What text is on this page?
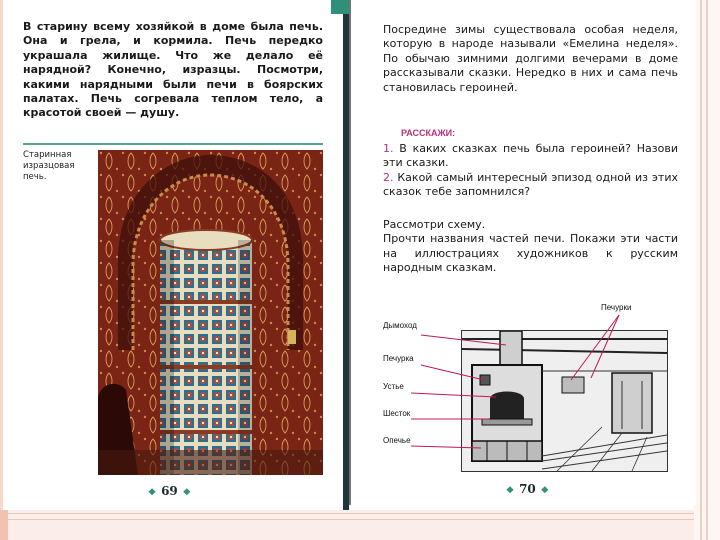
В старину всему хозяйкой в доме была печь. Она и грела, и кормила. Печь передко украшала жилище. Что же делало её нарядной? Конечно, изразцы. Посмотри, какими нарядными были печи в боярских палатах. Печь согревала теплом тело, а красотой своей — душу.

Старинная изразцовая печь.
❖ 69 ❖

Посредине зимы существовала особая неделя, которую в народе называли «Емелина неделя». По обычаю зимними долгими вечерами в доме рассказывали сказки. Нередко в них и сама печь становилась героиней.

РАССКАЖИ:

1. В каких сказках печь была героиней? Назови эти сказки.

2. Какой самый интересный эпизод одной из этих сказок тебе запомнился?

Рассмотри схему.

Прочти названия частей печи. Покажи эти части на иллюстрациях художников к русским народным сказкам.

Дымоход
Печурка
Устье
Шесток
Опечье
Печурки
❖ 70 ❖
